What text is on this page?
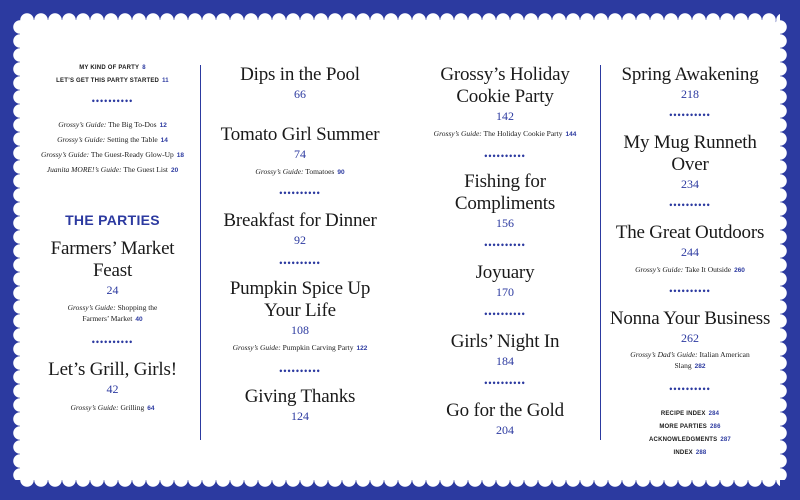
MY KIND OF PARTY 8
LET’S GET THIS PARTY STARTED 11
••••••••••
Grossy’s Guide: The Big To-Dos 12
Grossy’s Guide: Setting the Table 14
Grossy’s Guide: The Guest-Ready Glow-Up 18
Juanita MORE!’s Guide: The Guest List 20
THE PARTIES
Farmers’ Market
Feast
24
Grossy’s Guide: Shopping the
Farmers’ Market 40
••••••••••
Let’s Grill, Girls!
42
Grossy’s Guide: Grilling 64
Dips in the Pool
66
Tomato Girl Summer
74
Grossy’s Guide: Tomatoes 90
••••••••••
Breakfast for Dinner
92
••••••••••
Pumpkin Spice Up
Your Life
108
Grossy’s Guide: Pumpkin Carving Party 122
••••••••••
Giving Thanks
124
Grossy’s Holiday
Cookie Party
142
Grossy’s Guide: The Holiday Cookie Party 144
••••••••••
Fishing for
Compliments
156
••••••••••
Joyuary
170
••••••••••
Girls’ Night In
184
••••••••••
Go for the Gold
204
Spring Awakening
218
••••••••••
My Mug Runneth Over
234
••••••••••
The Great Outdoors
244
Grossy’s Guide: Take It Outside 260
••••••••••
Nonna Your Business
262
Grossy’s Dad’s Guide: Italian American
Slang 282
••••••••••
RECIPE INDEX 284
MORE PARTIES 286
ACKNOWLEDGMENTS 287
INDEX 288
